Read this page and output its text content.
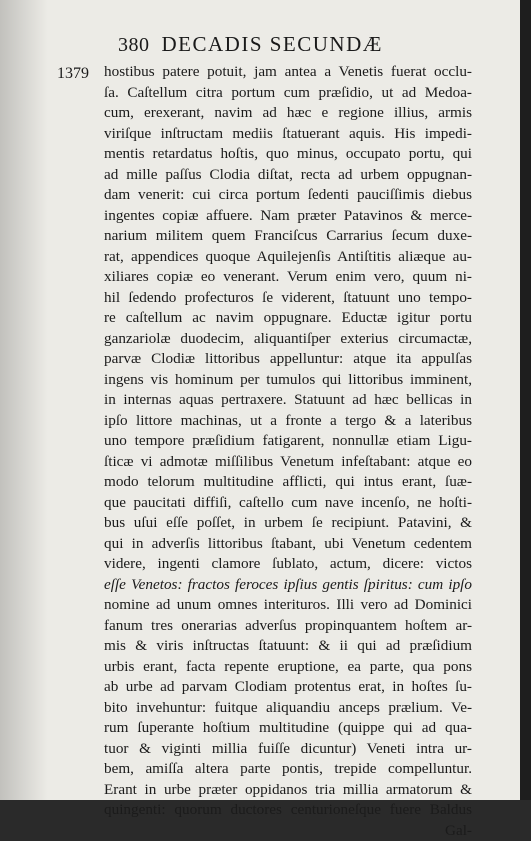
380 DECADIS SECUNDÆ
1379 hostibus patere potuit, jam antea a Venetis fuerat occlu-
ſa. Caſtellum citra portum cum præſidio, ut ad Medoa-
cum, erexerant, navim ad hæc e regione illius, armis
viriſque inſtructam mediis ſtatuerant aquis. His impedi-
mentis retardatus hoſtis, quo minus, occupato portu, qui
ad mille paſſus Clodia diſtat, recta ad urbem oppugnan-
dam venerit: cui circa portum ſedenti pauciſſimis diebus
ingentes copiæ affuere. Nam præter Patavinos & merce-
narium militem quem Franciſcus Carrarius ſecum duxe-
rat, appendices quoque Aquilejenſis Antiſtitis aliæque au-
xiliares copiæ eo venerant. Verum enim vero, quum ni-
hil ſedendo profecturos ſe viderent, ſtatuunt uno tempo-
re caſtellum ac navim oppugnare. Eductæ igitur portu
ganzariolæ duodecim, aliquantiſper exterius circumactæ,
parvæ Clodiæ littoribus appelluntur: atque ita appulſas
ingens vis hominum per tumulos qui littoribus imminent,
in internas aquas pertraxere. Statuunt ad hæc bellicas in
ipſo littore machinas, ut a fronte a tergo & a lateribus
uno tempore præſidium fatigarent, nonnullæ etiam Ligu-
ſticæ vi admotæ miſſilibus Venetum infeſtabant: atque eo
modo telorum multitudine afflicti, qui intus erant, ſuæ-
que paucitati diffiſi, caſtello cum nave incenſo, ne hoſti-
bus uſui eſſe poſſet, in urbem ſe recipiunt. Patavini, &
qui in adverſis littoribus ſtabant, ubi Venetum cedentem
videre, ingenti clamore ſublato, actum, dicere: victos
eſſe Venetos: fractos feroces ipſius gentis ſpiritus: cum ipſo
nomine ad unum omnes interituros. Illi vero ad Dominici
fanum tres onerarias adverſus propinquantem hoſtem ar-
mis & viris inſtructas ſtatuunt: & ii qui ad præſidium
urbis erant, facta repente eruptione, ea parte, qua pons
ab urbe ad parvam Clodiam protentus erat, in hoſtes ſu-
bito invehuntur: fuitque aliquandiu anceps prælium. Ve-
rum ſuperante hoſtium multitudine (quippe qui ad qua-
tuor & viginti millia fuiſſe dicuntur) Veneti intra ur-
bem, amiſſa altera parte pontis, trepide compelluntur.
Erant in urbe præter oppidanos tria millia armatorum &
quingenti: quorum ductores centurioneſque fuere Baldus
Gal-
